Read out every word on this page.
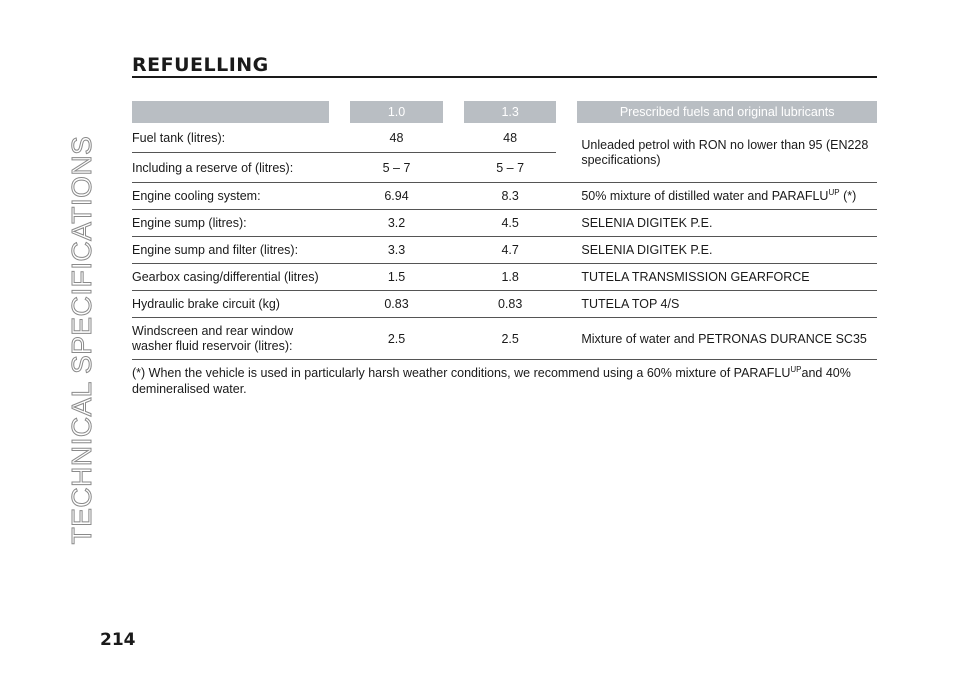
TECHNICAL SPECIFICATIONS
REFUELLING
		1.0		1.3		Prescribed fuels and original lubricants
Fuel tank (litres):		48		48		Unleaded petrol with RON no lower than 95 (EN228 specifications)
Including a reserve of (litres):		5 – 7		5 – 7		
Engine cooling system:		6.94		8.3		50% mixture of distilled water and $PARAFLU^{UP}$ (*)
Engine sump (litres):		3.2		4.5		SELENIA DIGITEK P.E.
Engine sump and filter (litres):		3.3		4.7		SELENIA DIGITEK P.E.
Gearbox casing/differential (litres)		1.5		1.8		TUTELA TRANSMISSION GEARFORCE
Hydraulic brake circuit (kg)		0.83		0.83		TUTELA TOP 4/S
Windscreen and rear window washer fluid reservoir (litres):		2.5		2.5		Mixture of water and PETRONAS DURANCE SC35
(*) When the vehicle is used in particularly harsh weather conditions, we recommend using a 60% mixture of $PARAFLU^{UP}and$ 40% demineralised water.
214
